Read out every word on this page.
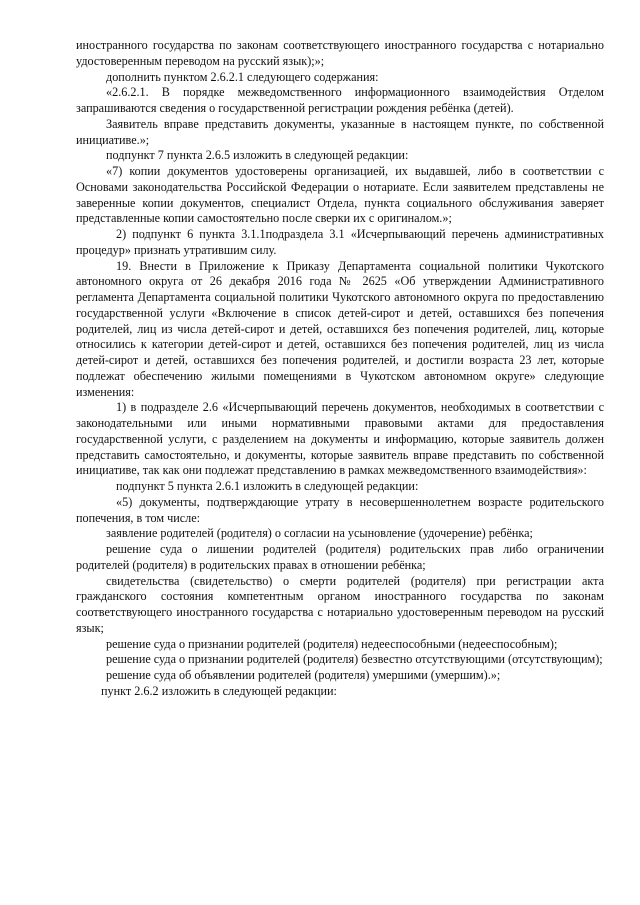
иностранного государства по законам соответствующего иностранного государства с нотариально удостоверенным переводом на русский язык);»;

дополнить пунктом 2.6.2.1 следующего содержания:

«2.6.2.1. В порядке межведомственного информационного взаимодействия Отделом запрашиваются сведения о государственной регистрации рождения ребёнка (детей).

Заявитель вправе представить документы, указанные в настоящем пункте, по собственной инициативе.»;

подпункт 7 пункта 2.6.5 изложить в следующей редакции:

«7) копии документов удостоверены организацией, их выдавшей, либо в соответствии с Основами законодательства Российской Федерации о нотариате. Если заявителем представлены не заверенные копии документов, специалист Отдела, пункта социального обслуживания заверяет представленные копии самостоятельно после сверки их с оригиналом.»;

2) подпункт 6 пункта 3.1.1подраздела 3.1 «Исчерпывающий перечень административных процедур» признать утратившим силу.

19. Внести в Приложение к Приказу Департамента социальной политики Чукотского автономного округа от 26 декабря 2016 года № 2625 «Об утверждении Административного регламента Департамента социальной политики Чукотского автономного округа по предоставлению государственной услуги «Включение в список детей-сирот и детей, оставшихся без попечения родителей, лиц из числа детей-сирот и детей, оставшихся без попечения родителей, лиц, которые относились к категории детей-сирот и детей, оставшихся без попечения родителей, лиц из числа детей-сирот и детей, оставшихся без попечения родителей, и достигли возраста 23 лет, которые подлежат обеспечению жилыми помещениями в Чукотском автономном округе» следующие изменения:

1) в подразделе 2.6 «Исчерпывающий перечень документов, необходимых в соответствии с законодательными или иными нормативными правовыми актами для предоставления государственной услуги, с разделением на документы и информацию, которые заявитель должен представить самостоятельно, и документы, которые заявитель вправе представить по собственной инициативе, так как они подлежат представлению в рамках межведомственного взаимодействия»:

подпункт 5 пункта 2.6.1 изложить в следующей редакции:

«5) документы, подтверждающие утрату в несовершеннолетнем возрасте родительского попечения, в том числе:

заявление родителей (родителя) о согласии на усыновление (удочерение) ребёнка;

решение суда о лишении родителей (родителя) родительских прав либо ограничении родителей (родителя) в родительских правах в отношении ребёнка;

свидетельства (свидетельство) о смерти родителей (родителя) при регистрации акта гражданского состояния компетентным органом иностранного государства по законам соответствующего иностранного государства с нотариально удостоверенным переводом на русский язык;

решение суда о признании родителей (родителя) недееспособными (недееспособным);

решение суда о признании родителей (родителя) безвестно отсутствующими (отсутствующим);

решение суда об объявлении родителей (родителя) умершими (умершим).»;

пункт 2.6.2 изложить в следующей редакции:
